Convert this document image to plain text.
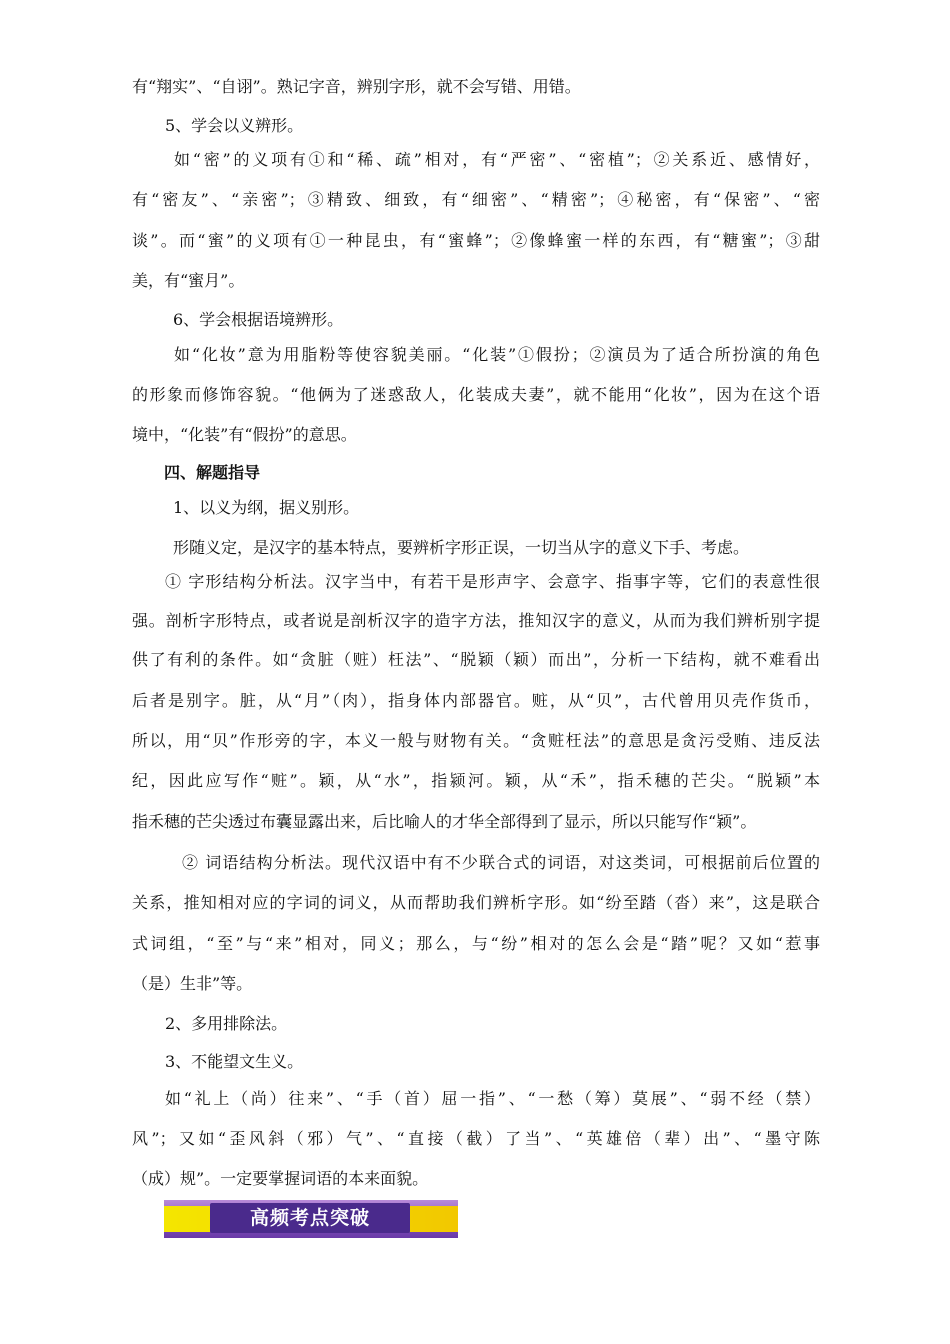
有“翔实”、“自诩”。熟记字音，辨别字形，就不会写错、用错。
5、学会以义辨形。
如“密”的义项有①和“稀、疏”相对，有“严密”、“密植”；②关系近、感情好，
有“密友”、“亲密”；③精致、细致，有“细密”、“精密”；④秘密，有“保密”、“密
谈”。而“蜜”的义项有①一种昆虫，有“蜜蜂”；②像蜂蜜一样的东西，有“糖蜜”；③甜
美，有“蜜月”。
6、学会根据语境辨形。
如“化妆”意为用脂粉等使容貌美丽。“化装”①假扮；②演员为了适合所扮演的角色
的形象而修饰容貌。“他俩为了迷惑敌人，化装成夫妻”，就不能用“化妆”，因为在这个语
境中，“化装”有“假扮”的意思。
四、解题指导
1、以义为纲，据义别形。
形随义定，是汉字的基本特点，要辨析字形正误，一切当从字的意义下手、考虑。
① 字形结构分析法。汉字当中，有若干是形声字、会意字、指事字等，它们的表意性很
强。剖析字形特点，或者说是剖析汉字的造字方法，推知汉字的意义，从而为我们辨析别字提
供了有利的条件。如“贪脏（赃）枉法”、“脱颖（颖）而出”，分析一下结构，就不难看出
后者是别字。脏，从“月”（肉），指身体内部器官。赃，从“贝”，古代曾用贝壳作货币，
所以，用“贝”作形旁的字，本义一般与财物有关。“贪赃枉法”的意思是贪污受贿、违反法
纪，因此应写作“赃”。颖，从“水”，指颍河。颖，从“禾”，指禾穗的芒尖。“脱颖”本
指禾穗的芒尖透过布囊显露出来，后比喻人的才华全部得到了显示，所以只能写作“颖”。
② 词语结构分析法。现代汉语中有不少联合式的词语，对这类词，可根据前后位置的
关系，推知相对应的字词的词义，从而帮助我们辨析字形。如“纷至踏（沓）来”，这是联合
式词组，“至”与“来”相对，同义；那么，与“纷”相对的怎么会是“踏”呢？又如“惹事
（是）生非”等。
2、多用排除法。
3、不能望文生义。
如“礼上（尚）往来”、“手（首）屈一指”、“一愁（筹）莫展”、“弱不经（禁）
风”；又如“歪风斜（邪）气”、“直接（截）了当”、“英雄倍（辈）出”、“墨守陈
（成）规”。一定要掌握词语的本来面貌。
高频考点突破
